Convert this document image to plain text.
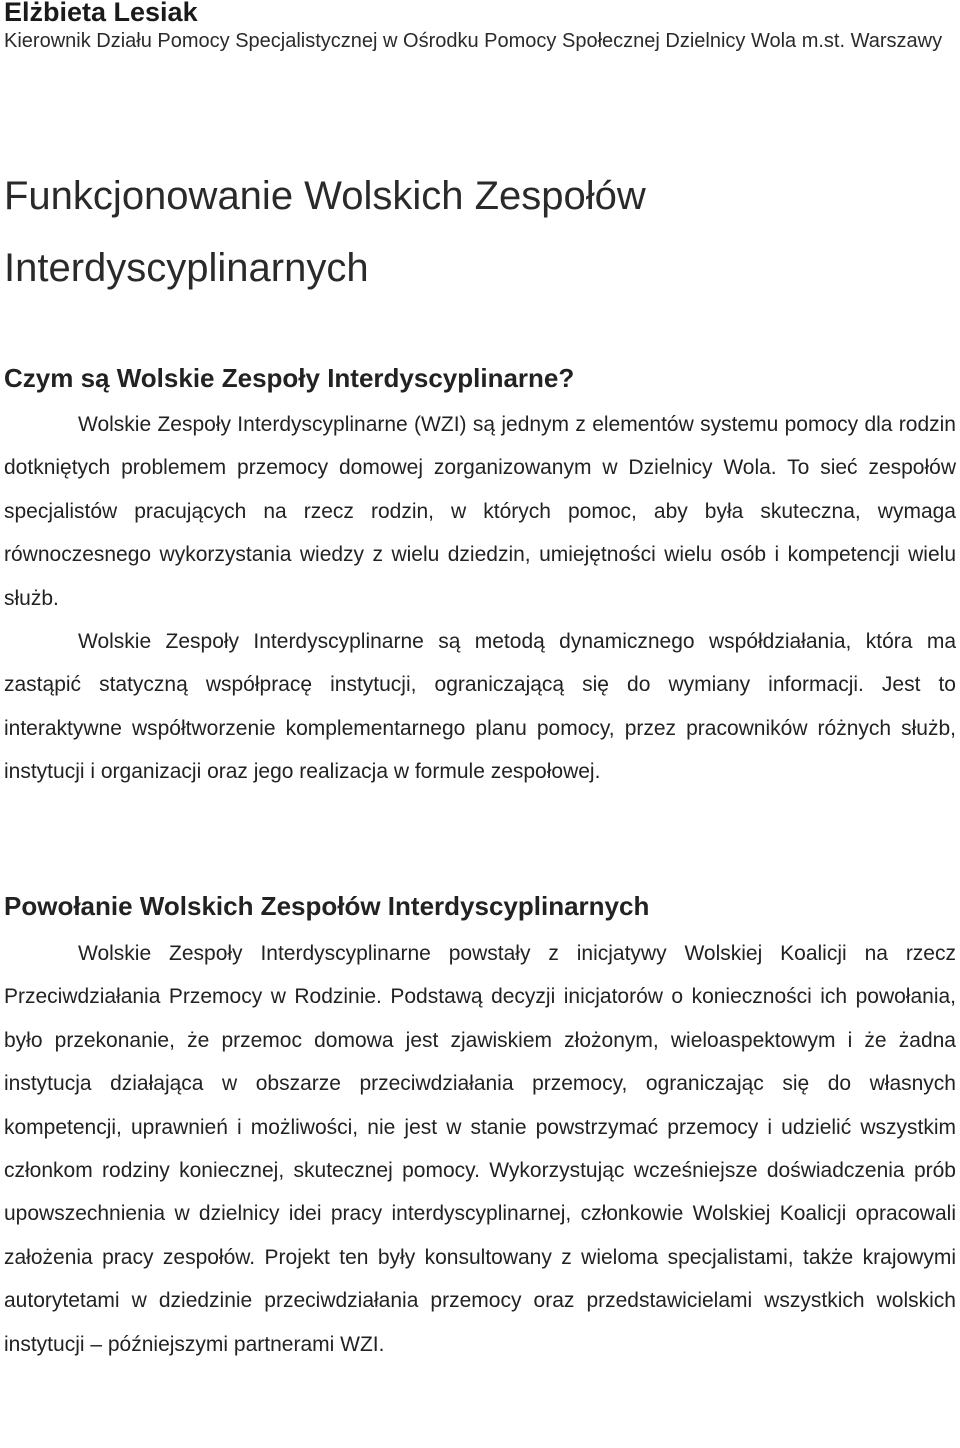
Elżbieta Lesiak

Kierownik Działu Pomocy Specjalistycznej w Ośrodku Pomocy Społecznej Dzielnicy Wola m.st. Warszawy

Funkcjonowanie Wolskich Zespołów Interdyscyplinarnych
Czym są Wolskie Zespoły Interdyscyplinarne?

Wolskie Zespoły Interdyscyplinarne (WZI) są jednym z elementów systemu pomocy dla rodzin dotkniętych problemem przemocy domowej zorganizowanym w Dzielnicy Wola. To sieć zespołów specjalistów pracujących na rzecz rodzin, w których pomoc, aby była skuteczna, wymaga równoczesnego wykorzystania wiedzy z wielu dziedzin, umiejętności wielu osób i kompetencji wielu służb.

Wolskie Zespoły Interdyscyplinarne są metodą dynamicznego współdziałania, która ma zastąpić statyczną współpracę instytucji, ograniczającą się do wymiany informacji. Jest to interaktywne współtworzenie komplementarnego planu pomocy, przez pracowników różnych służb, instytucji i organizacji oraz jego realizacja w formule zespołowej.

Powołanie Wolskich Zespołów Interdyscyplinarnych

Wolskie Zespoły Interdyscyplinarne powstały z inicjatywy Wolskiej Koalicji na rzecz Przeciwdziałania Przemocy w Rodzinie. Podstawą decyzji inicjatorów o konieczności ich powołania, było przekonanie, że przemoc domowa jest zjawiskiem złożonym, wieloaspektowym i że żadna instytucja działająca w obszarze przeciwdziałania przemocy, ograniczając się do własnych kompetencji, uprawnień i możliwości, nie jest w stanie powstrzymać przemocy i udzielić wszystkim członkom rodziny koniecznej, skutecznej pomocy. Wykorzystując wcześniejsze doświadczenia prób upowszechnienia w dzielnicy idei pracy interdyscyplinarnej, członkowie Wolskiej Koalicji opracowali założenia pracy zespołów. Projekt ten były konsultowany z wieloma specjalistami, także krajowymi autorytetami w dziedzinie przeciwdziałania przemocy oraz przedstawicielami wszystkich wolskich instytucji – późniejszymi partnerami WZI.
